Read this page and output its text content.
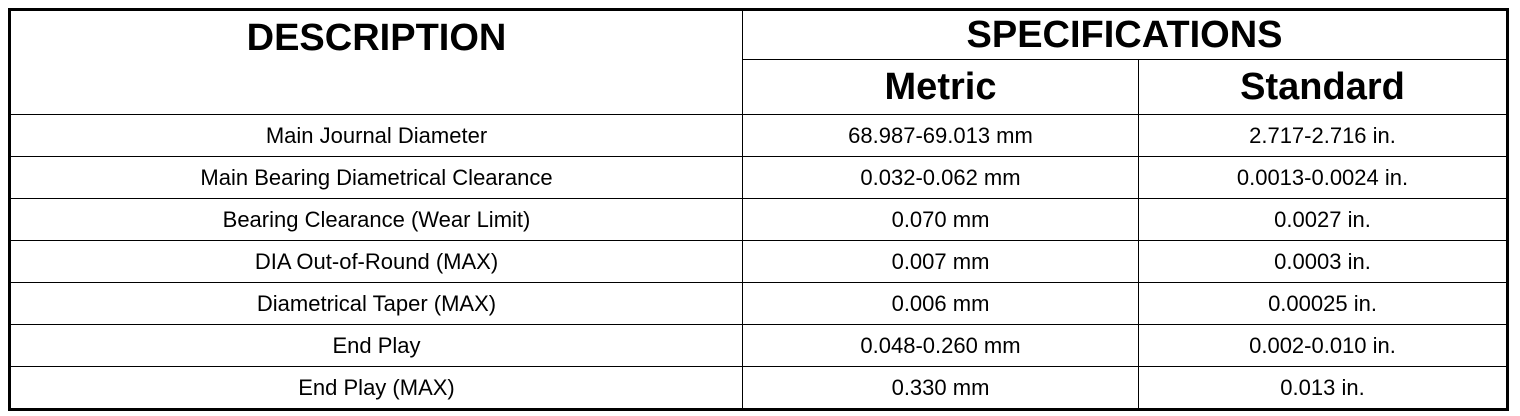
DESCRIPTION	SPECIFICATIONS	
	Metric	Standard
Main Journal Diameter	68.987-69.013 mm	2.717-2.716 in.
Main Bearing Diametrical Clearance	0.032-0.062 mm	0.0013-0.0024 in.
Bearing Clearance (Wear Limit)	0.070 mm	0.0027 in.
DIA Out-of-Round (MAX)	0.007 mm	0.0003 in.
Diametrical Taper (MAX)	0.006 mm	0.00025 in.
End Play	0.048-0.260 mm	0.002-0.010 in.
End Play (MAX)	0.330 mm	0.013 in.
